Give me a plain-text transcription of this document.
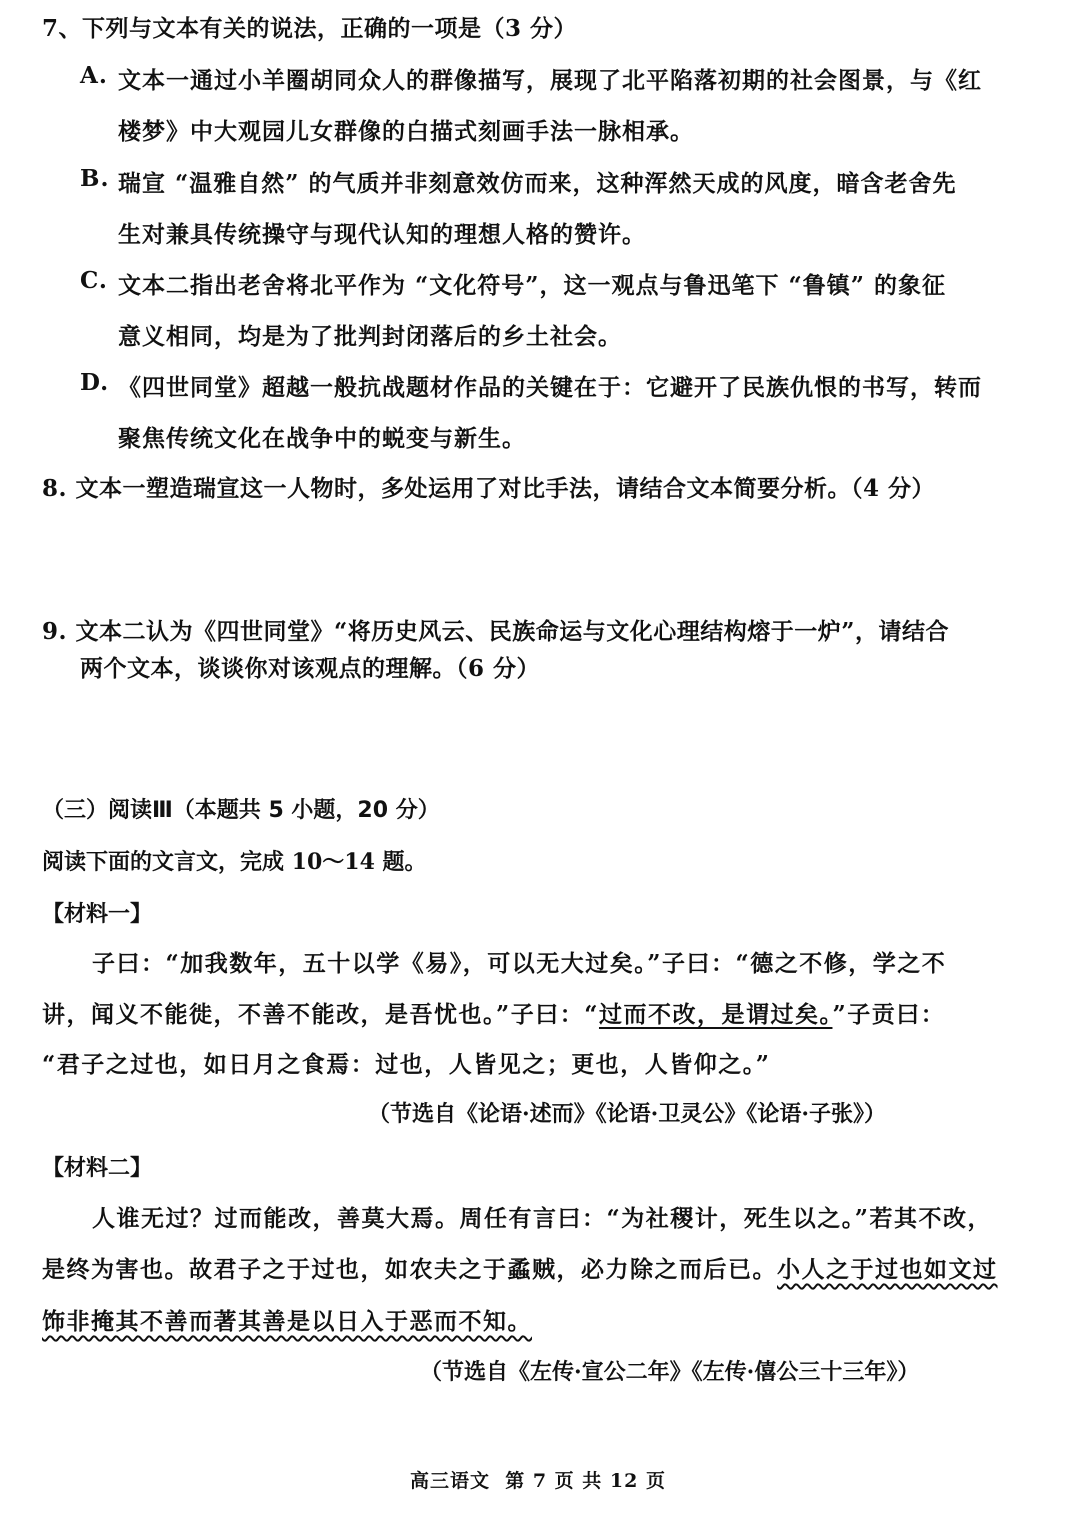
7、下列与文本有关的说法，正确的一项是（3 分）
A. 文本一通过小羊圈胡同众人的群像描写，展现了北平陷落初期的社会图景，与《红
楼梦》中大观园儿女群像的白描式刻画手法一脉相承。
B. 瑞宣 “温雅自然” 的气质并非刻意效仿而来，这种浑然天成的风度，暗含老舍先
生对兼具传统操守与现代认知的理想人格的赞许。
C. 文本二指出老舍将北平作为 “文化符号”，这一观点与鲁迅笔下 “鲁镇” 的象征
意义相同，均是为了批判封闭落后的乡土社会。
D. 《四世同堂》超越一般抗战题材作品的关键在于：它避开了民族仇恨的书写，转而
聚焦传统文化在战争中的蜕变与新生。
8. 文本一塑造瑞宣这一人物时，多处运用了对比手法，请结合文本简要分析。（4 分）
9. 文本二认为《四世同堂》“将历史风云、民族命运与文化心理结构熔于一炉”，请结合
两个文本，谈谈你对该观点的理解。（6 分）
（三）阅读Ⅲ（本题共 5 小题，20 分）
阅读下面的文言文，完成 10～14 题。
【材料一】
子曰：“加我数年，五十以学《易》，可以无大过矣。”子曰：“德之不修，学之不
讲，闻义不能徙，不善不能改，是吾忧也。”子曰：“过而不改，是谓过矣。”子贡曰：
“君子之过也，如日月之食焉：过也，人皆见之；更也，人皆仰之。”
（节选自《论语·述而》《论语·卫灵公》《论语·子张》）
【材料二】
人谁无过？过而能改，善莫大焉。周任有言曰：“为社稷计，死生以之。”若其不改，
是终为害也。故君子之于过也，如农夫之于蟊贼，必力除之而后已。小人之于过也如文过
饰非掩其不善而著其善是以日入于恶而不知。
（节选自《左传·宣公二年》《左传·僖公三十三年》）
高三语文  第 7 页 共 12 页
